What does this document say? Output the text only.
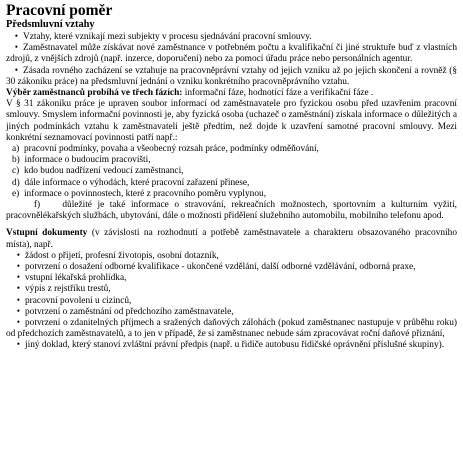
Pracovní poměr
Předsmluvní vztahy
• Vztahy, které vznikají mezi subjekty v procesu sjednávání pracovní smlouvy.
• Zaměstnavatel může získávat nové zaměstnance v potřebném počtu a kvalifikační či jiné struktuře buď z vlastních zdrojů, z vnějších zdrojů (např. inzerce, doporučení) nebo za pomocí úřadu práce nebo personálních agentur.
• Zásada rovného zacházení se vztahuje na pracovněprávní vztahy od jejich vzniku až po jejich skončení a rovněž (§ 30 zákoníku práce) na předsmluvní jednání o vzniku konkrétního pracovněprávního vztahu.

Výběr zaměstnanců probíhá ve třech fázích: informační fáze, hodnotící fáze a verifikační fáze .

V § 31 zákoníku práce je upraven soubor informací od zaměstnavatele pro fyzickou osobu před uzavřením pracovní smlouvy. Smyslem informační povinnosti je, aby fyzická osoba (uchazeč o zaměstnání) získala informace o důležitých a jiných podmínkách vztahu k zaměstnavateli ještě předtím, než dojde k uzavření samotné pracovní smlouvy. Mezi konkrétní seznamovací povinnosti patří např.:

a) pracovní podmínky, povaha a všeobecný rozsah práce, podmínky odměňování,
b) informace o budoucím pracovišti,
c) kdo budou nadřízení vedoucí zaměstnanci,
d) dále informace o výhodách, které pracovní zařazení přinese,
e) informace o povinnostech, které z pracovního poměru vyplynou,
f) důležité je také informace o stravování, rekreačních možnostech, sportovním a kulturním vyžití, pracovnělékařských službách, ubytování, dále o možnosti přidělení služebního automobilu, mobilního telefonu apod.

Vstupní dokumenty (v závislosti na rozhodnutí a potřebě zaměstnavatele a charakteru obsazovaného pracovního místa), např.

• žádost o přijetí, profesní životopis, osobní dotazník,
• potvrzení o dosažení odborné kvalifikace - ukončené vzdělání, další odborné vzdělávání, odborná praxe,
• vstupní lékařská prohlídka,
• výpis z rejstříku trestů,
• pracovní povolení u cizinců,
• potvrzení o zaměstnání od předchozího zaměstnavatele,
• potvrzení o zdanitelných příjmech a sražených daňových zálohách (pokud zaměstnanec nastupuje v průběhu roku) od předchozích zaměstnavatelů, a to jen v případě, že si zaměstnanec nebude sám zpracovávat roční daňové přiznání,
• jiný doklad, který stanoví zvláštní právní předpis (např. u řidiče autobusu řidičské oprávnění příslušné skupiny).
